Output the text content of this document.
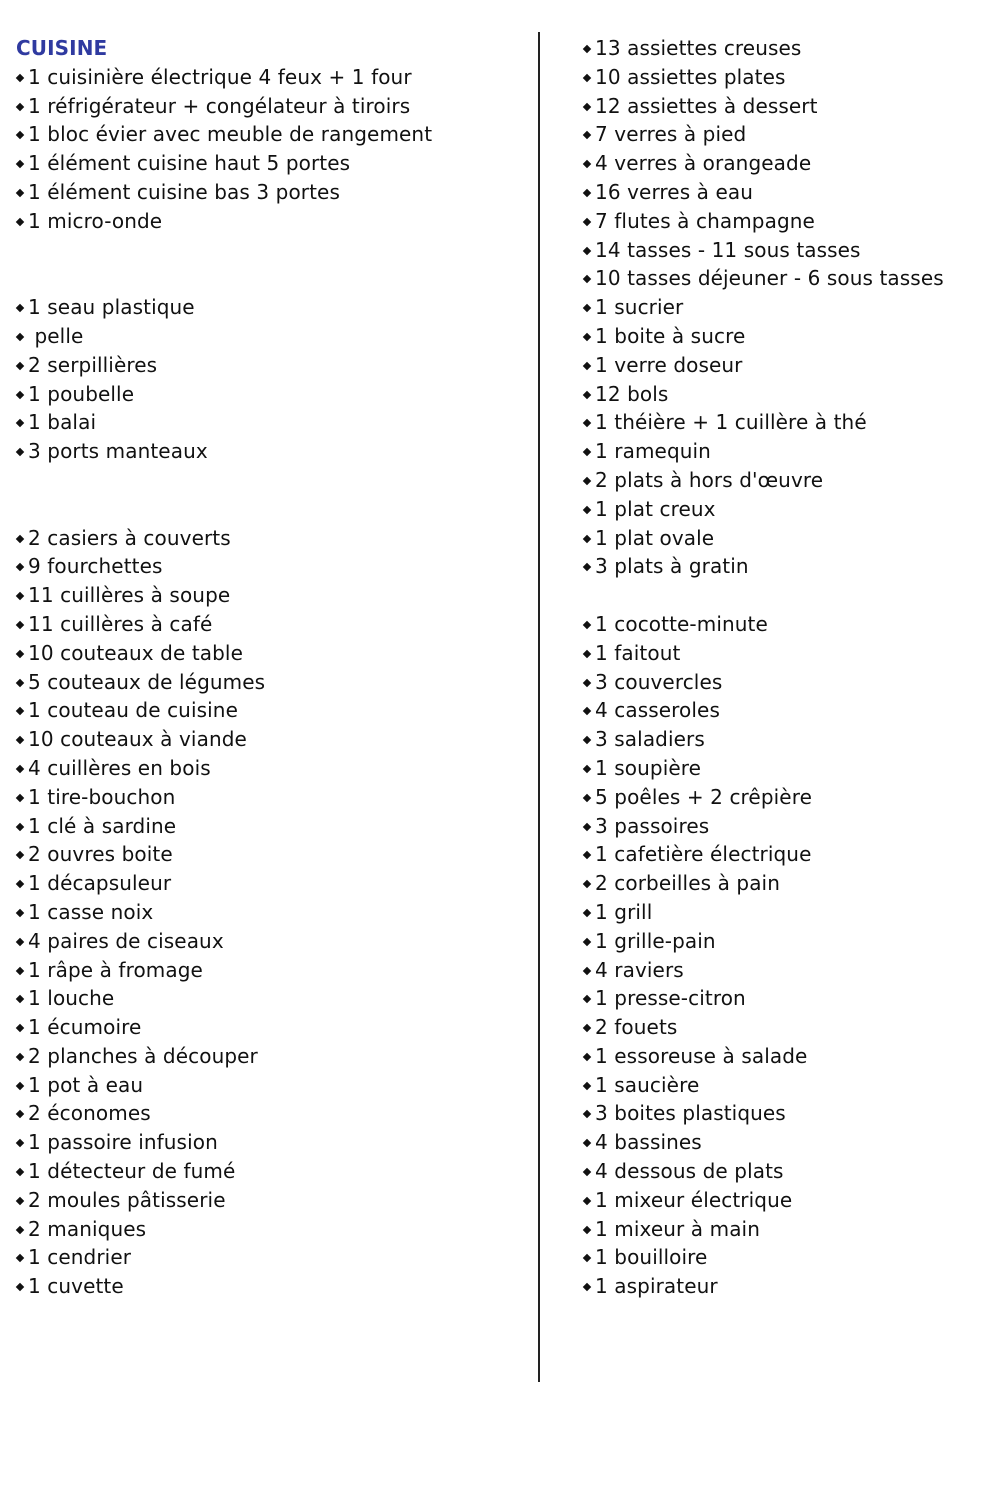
CUISINE
1 cuisinière électrique 4 feux + 1 four
1 réfrigérateur + congélateur à tiroirs
1 bloc évier avec meuble de rangement
1 élément cuisine haut 5 portes
1 élément cuisine bas 3 portes
1 micro-onde
1 seau plastique
pelle
2 serpillières
1 poubelle
1 balai
3 ports manteaux
2 casiers à couverts
9 fourchettes
11 cuillères à soupe
11 cuillères à café
10 couteaux de table
5 couteaux de légumes
1 couteau de cuisine
10 couteaux à viande
4 cuillères en bois
1 tire-bouchon
1 clé à sardine
2 ouvres boite
1 décapsuleur
1 casse noix
4 paires de ciseaux
1 râpe à fromage
1 louche
1 écumoire
2 planches à découper
1 pot à eau
2 économes
1 passoire infusion
1 détecteur de fumé
2 moules pâtisserie
2 maniques
1 cendrier
1 cuvette
13 assiettes creuses
10 assiettes plates
12 assiettes à dessert
7 verres à pied
4 verres à orangeade
16 verres à eau
7 flutes à champagne
14 tasses - 11 sous tasses
10 tasses déjeuner - 6 sous tasses
1 sucrier
1 boite à sucre
1 verre doseur
12 bols
1 théière + 1 cuillère à thé
1 ramequin
2 plats à hors d'œuvre
1 plat creux
1 plat ovale
3 plats à gratin
1 cocotte-minute
1 faitout
3 couvercles
4 casseroles
3 saladiers
1 soupière
5 poêles + 2 crêpière
3 passoires
1 cafetière électrique
2 corbeilles à pain
1 grill
1 grille-pain
4 raviers
1 presse-citron
2 fouets
1 essoreuse à salade
1 saucière
3 boites plastiques
4 bassines
4 dessous de plats
1 mixeur électrique
1 mixeur à main
1 bouilloire
1 aspirateur
